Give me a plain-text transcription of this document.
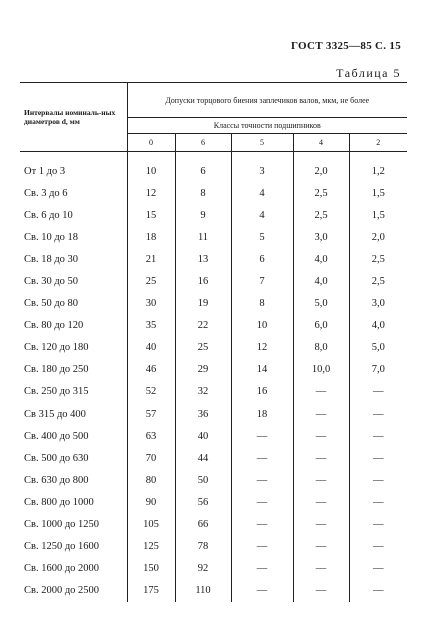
ГОСТ 3325—85 С. 15
Таблица 5
Интервалы номиналь-ных диаметров d, мм	Допуски торцового биения заплечиков валов, мкм, не более				
	Классы точности подшипников				
	0	6	5	4	2

От 1 до 3	10	6	3	2,0	1,2
Св. 3 до 6	12	8	4	2,5	1,5
Св. 6 до 10	15	9	4	2,5	1,5
Св. 10 до 18	18	11	5	3,0	2,0
Св. 18 до 30	21	13	6	4,0	2,5
Св. 30 до 50	25	16	7	4,0	2,5
Св. 50 до 80	30	19	8	5,0	3,0
Св. 80 до 120	35	22	10	6,0	4,0
Св. 120 до 180	40	25	12	8,0	5,0
Св. 180 до 250	46	29	14	10,0	7,0
Св. 250 до 315	52	32	16	—	—
Св 315 до 400	57	36	18	—	—
Св. 400 до 500	63	40	—	—	—
Св. 500 до 630	70	44	—	—	—
Св. 630 до 800	80	50	—	—	—
Св. 800 до 1000	90	56	—	—	—
Св. 1000 до 1250	105	66	—	—	—
Св. 1250 до 1600	125	78	—	—	—
Св. 1600 до 2000	150	92	—	—	—
Св. 2000 до 2500	175	110	—	—	—
